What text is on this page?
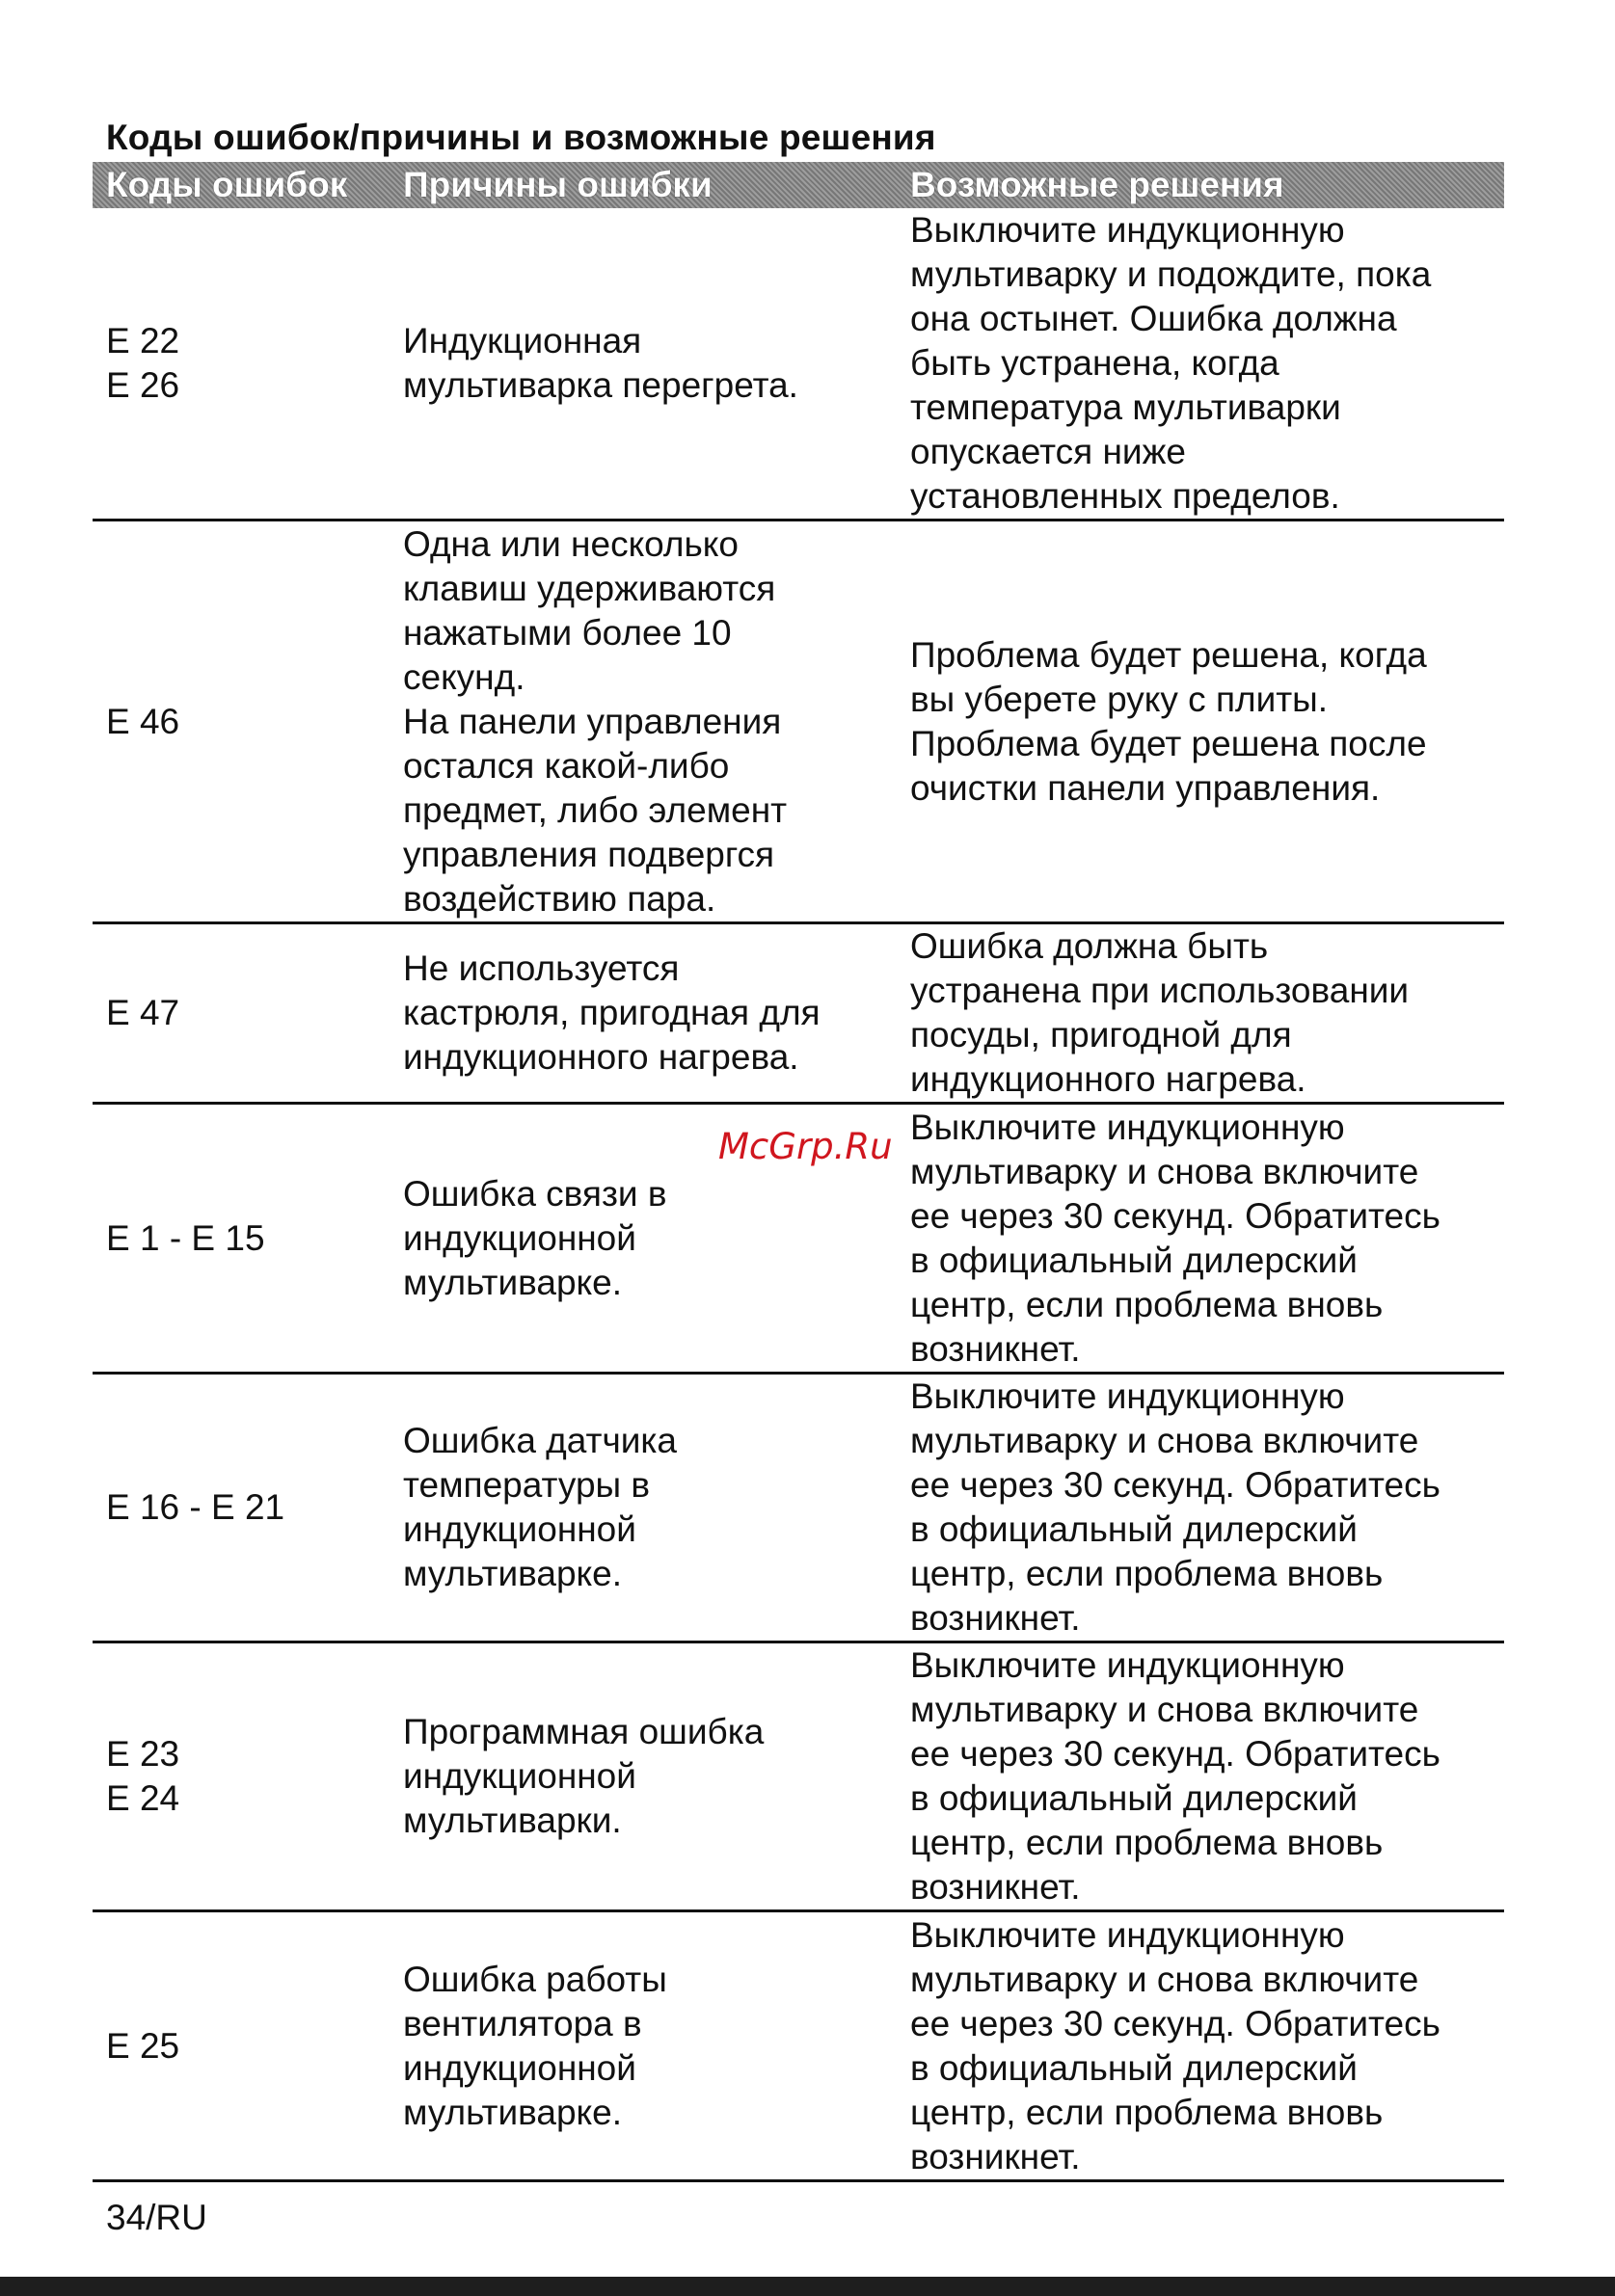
Коды ошибок/причины и возможные решения
Коды ошибок Причины ошибки	Возможные решения
E 22
E 26
Индукционная
мультиварка перегрета.
Выключите индукционную
мультиварку и подождите, пока
она остынет. Ошибка должна
быть устранена, когда
температура мультиварки
опускается ниже
установленных пределов.
E 46
Одна или несколько
клавиш удерживаются
нажатыми более 10
секунд.
На панели управления
остался какой-либо
предмет, либо элемент
управления подвергся
воздействию пара.
Проблема будет решена, когда
вы уберете руку с плиты.
Проблема будет решена после
очистки панели управления.
E 47
Не используется
кастрюля, пригодная для
индукционного нагрева.
Ошибка должна быть
устранена при использовании
посуды, пригодной для
индукционного нагрева.
E 1 - E 15
Ошибка связи в
индукционной
мультиварке.
Выключите индукционную
мультиварку и снова включите
ее через 30 секунд. Обратитесь
в официальный дилерский
центр, если проблема вновь
возникнет.
E 16 - E 21
Ошибка датчика
температуры в
индукционной
мультиварке.
Выключите индукционную
мультиварку и снова включите
ее через 30 секунд. Обратитесь
в официальный дилерский
центр, если проблема вновь
возникнет.
E 23
E 24
Программная ошибка
индукционной
мультиварки.
Выключите индукционную
мультиварку и снова включите
ее через 30 секунд. Обратитесь
в официальный дилерский
центр, если проблема вновь
возникнет.
E 25
Ошибка работы
вентилятора в
индукционной
мультиварке.
Выключите индукционную
мультиварку и снова включите
ее через 30 секунд. Обратитесь
в официальный дилерский
центр, если проблема вновь
возникнет.
McGrp.Ru
34/RU
